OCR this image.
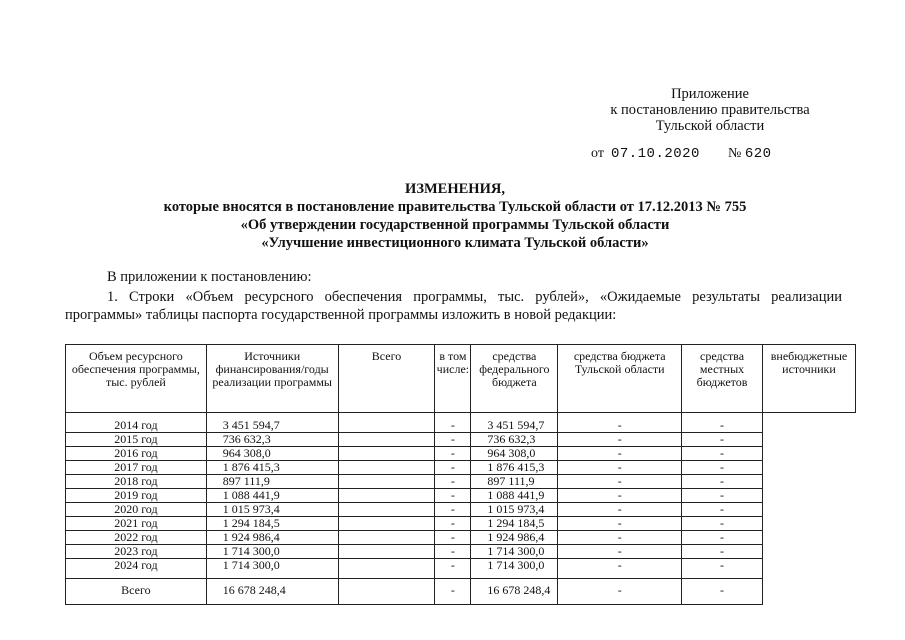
Приложение
к постановлению правительства
Тульской области
от 07.10.2020 № 620
ИЗМЕНЕНИЯ,
которые вносятся в постановление правительства Тульской области от 17.12.2013 № 755
«Об утверждении государственной программы Тульской области
«Улучшение инвестиционного климата Тульской области»
В приложении к постановлению:
1. Строки «Объем ресурсного обеспечения программы, тыс. рублей», «Ожидаемые результаты реализации
программы» таблицы паспорта государственной программы изложить в новой редакции:
Объем ресурсного обеспечения программы, тыс. рублей	Источники финансирования/годы реализации программы	Всего	в том числе:	средства федерального бюджета	средства бюджета Тульской области	средства местных бюджетов	внебюджетные источники
2014 год	3 451 594,7		-	3 451 594,7	-	-	
2015 год	736 632,3		-	736 632,3	-	-	
2016 год	964 308,0		-	964 308,0	-	-	
2017 год	1 876 415,3		-	1 876 415,3	-	-	
2018 год	897 111,9		-	897 111,9	-	-	
2019 год	1 088 441,9		-	1 088 441,9	-	-	
2020 год	1 015 973,4		-	1 015 973,4	-	-	
2021 год	1 294 184,5		-	1 294 184,5	-	-	
2022 год	1 924 986,4		-	1 924 986,4	-	-	
2023 год	1 714 300,0		-	1 714 300,0	-	-	
2024 год	1 714 300,0		-	1 714 300,0	-	-	
Всего	16 678 248,4		-	16 678 248,4	-	-	
